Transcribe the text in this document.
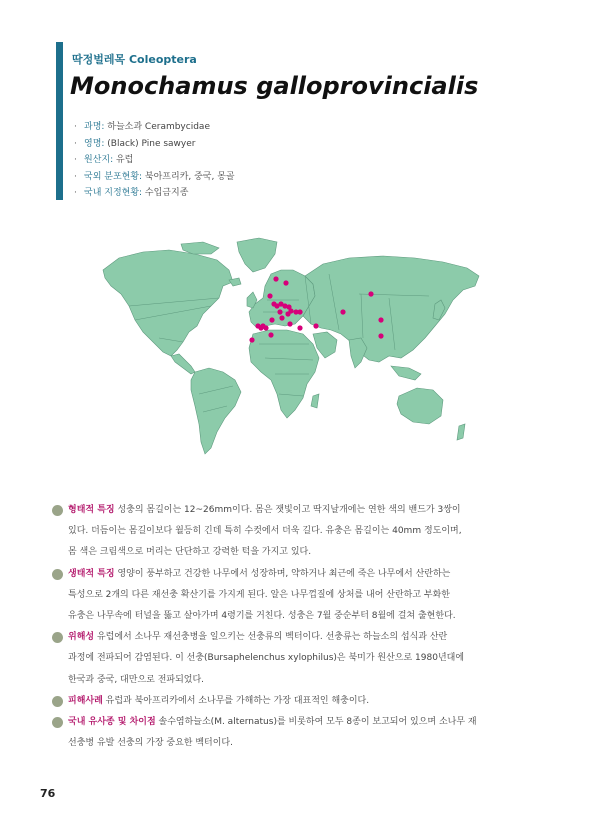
딱정벌레목 Coleoptera
Monochamus galloprovincialis
· 과명: 하늘소과 Cerambycidae
· 영명: (Black) Pine sawyer
· 원산지: 유럽
· 국외 분포현황: 북아프리카, 중국, 몽골
· 국내 지정현황: 수입금지종
형태적 특징 성충의 몸길이는 12~26mm이다. 몸은 잿빛이고 딱지날개에는 연한 색의 밴드가 3쌍이
있다. 더듬이는 몸길이보다 월등히 긴데 특히 수컷에서 더욱 길다. 유충은 몸길이는 40mm 정도이며,
몸 색은 크림색으로 머리는 단단하고 강력한 턱을 가지고 있다.
생태적 특징 영양이 풍부하고 건강한 나무에서 성장하며, 약하거나 최근에 죽은 나무에서 산란하는
특성으로 2개의 다른 재선충 확산기를 가지게 된다. 알은 나무껍질에 상처를 내어 산란하고 부화한
유충은 나무속에 터널을 뚫고 살아가며 4령기를 거친다. 성충은 7월 중순부터 8월에 걸쳐 출현한다.
위해성 유럽에서 소나무 재선충병을 일으키는 선충류의 벡터이다. 선충류는 하늘소의 섭식과 산란
과정에 전파되어 감염된다. 이 선충(Bursaphelenchus xylophilus)은 북미가 원산으로 1980년대에
한국과 중국, 대만으로 전파되었다.
피해사례 유럽과 북아프리카에서 소나무를 가해하는 가장 대표적인 해충이다.
국내 유사종 및 차이점 솔수염하늘소(M. alternatus)를 비롯하여 모두 8종이 보고되어 있으며 소나무 재
선충병 유발 선충의 가장 중요한 벡터이다.
76
